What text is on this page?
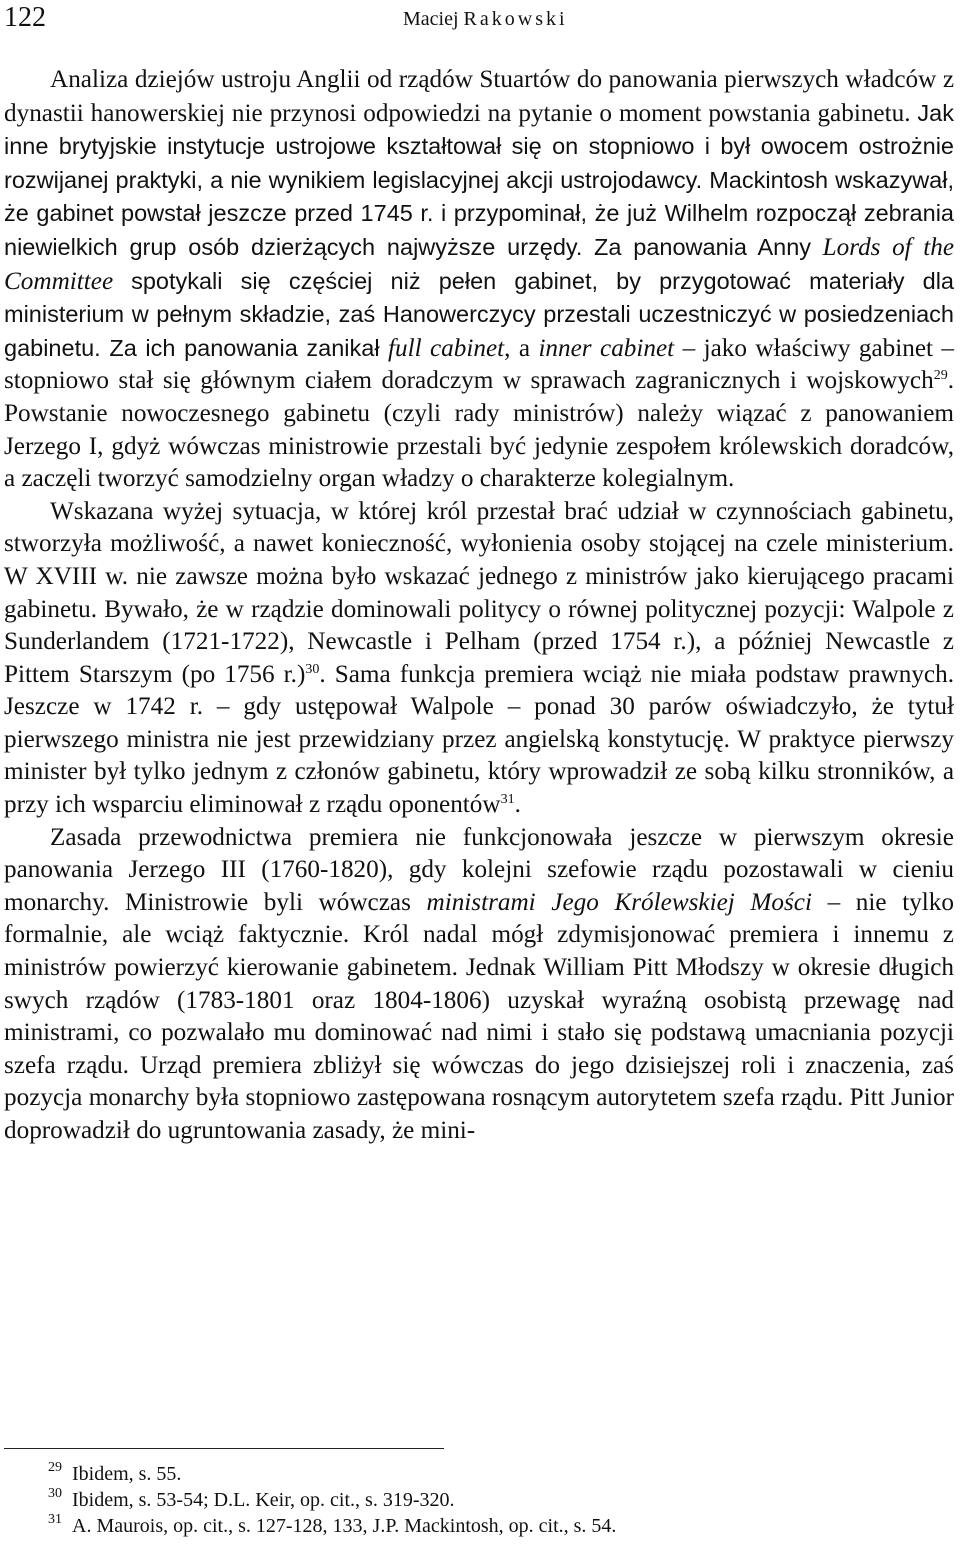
122	Maciej Rakowski

Analiza dziejów ustroju Anglii od rządów Stuartów do panowania pierwszych władców z dynastii hanowerskiej nie przynosi odpowiedzi na pytanie o moment powstania gabinetu. Jak inne brytyjskie instytucje ustrojowe kształtował się on stopniowo i był owocem ostrożnie rozwijanej praktyki, a nie wynikiem legislacyjnej akcji ustrojodawcy. Mackintosh wskazywał, że gabinet powstał jeszcze przed 1745 r. i przypominał, że już Wilhelm rozpoczął zebrania niewielkich grup osób dzierżących najwyższe urzędy. Za panowania Anny Lords of the Committee spotykali się częściej niż pełen gabinet, by przygotować materiały dla ministerium w pełnym składzie, zaś Hanowerczycy przestali uczestniczyć w posiedzeniach gabinetu. Za ich panowania zanikał full cabinet, a inner cabinet – jako właściwy gabinet – stopniowo stał się głównym ciałem doradczym w sprawach zagranicznych i wojskowych$^{29}$. Powstanie nowoczesnego gabinetu (czyli rady ministrów) należy wiązać z panowaniem Jerzego I, gdyż wówczas ministrowie przestali być jedynie zespołem królewskich doradców, a zaczęli tworzyć samodzielny organ władzy o charakterze kolegialnym.

Wskazana wyżej sytuacja, w której król przestał brać udział w czynnościach gabinetu, stworzyła możliwość, a nawet konieczność, wyłonienia osoby stojącej na czele ministerium. W XVIII w. nie zawsze można było wskazać jednego z ministrów jako kierującego pracami gabinetu. Bywało, że w rządzie dominowali politycy o równej politycznej pozycji: Walpole z Sunderlandem (1721-1722), Newcastle i Pelham (przed 1754 r.), a później Newcastle z Pittem Starszym (po 1756 r.)$^{30}$. Sama funkcja premiera wciąż nie miała podstaw prawnych. Jeszcze w 1742 r. – gdy ustępował Walpole – ponad 30 parów oświadczyło, że tytuł pierwszego ministra nie jest przewidziany przez angielską konstytucję. W praktyce pierwszy minister był tylko jednym z członów gabinetu, który wprowadził ze sobą kilku stronników, a przy ich wsparciu eliminował z rządu oponentów$^{31}$.

Zasada przewodnictwa premiera nie funkcjonowała jeszcze w pierwszym okresie panowania Jerzego III (1760-1820), gdy kolejni szefowie rządu pozostawali w cieniu monarchy. Ministrowie byli wówczas ministrami Jego Królewskiej Mości – nie tylko formalnie, ale wciąż faktycznie. Król nadal mógł zdymisjonować premiera i innemu z ministrów powierzyć kierowanie gabinetem. Jednak William Pitt Młodszy w okresie długich swych rządów (1783-1801 oraz 1804-1806) uzyskał wyraźną osobistą przewagę nad ministrami, co pozwalało mu dominować nad nimi i stało się podstawą umacniania pozycji szefa rządu. Urząd premiera zbliżył się wówczas do jego dzisiejszej roli i znaczenia, zaś pozycja monarchy była stopniowo zastępowana rosnącym autorytetem szefa rządu. Pitt Junior doprowadził do ugruntowania zasady, że mini-

29 Ibidem, s. 55.
30 Ibidem, s. 53-54; D.L. Keir, op. cit., s. 319-320.
31 A. Maurois, op. cit., s. 127-128, 133, J.P. Mackintosh, op. cit., s. 54.
